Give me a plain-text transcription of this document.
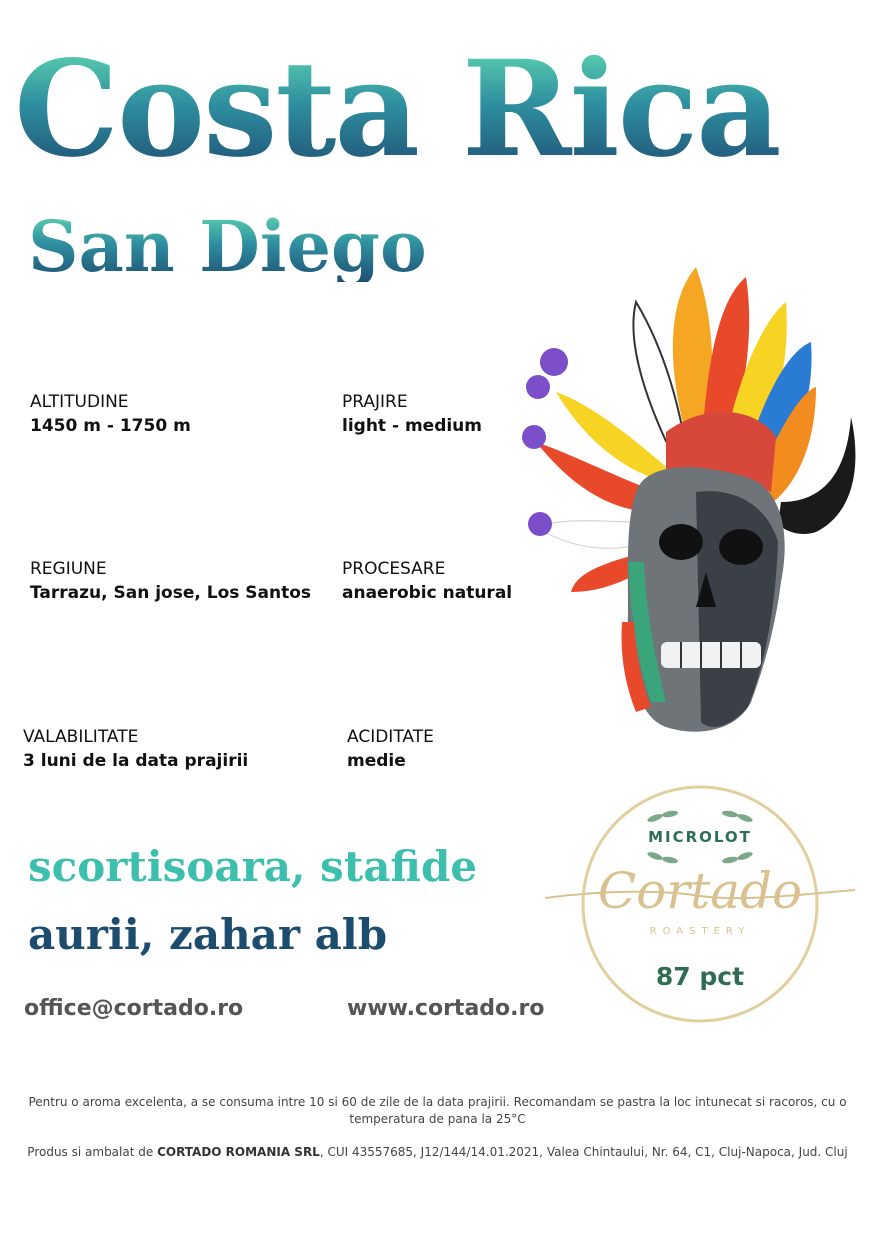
Costa Rica
San Diego
ALTITUDINE
1450 m - 1750 m
PRAJIRE
light - medium
REGIUNE
Tarrazu, San jose, Los Santos
PROCESARE
anaerobic natural
VALABILITATE
3 luni de la data prajirii
ACIDITATE
medie
scortisoara, stafide
aurii, zahar alb
office@cortado.ro	www.cortado.ro
MICROLOT
Cortado
ROASTERY
87 pct
Pentru o aroma excelenta, a se consuma intre 10 si 60 de zile de la data prajirii. Recomandam se pastra la loc intunecat si racoros, cu o temperatura de pana la 25°C
Produs si ambalat de CORTADO ROMANIA SRL, CUI 43557685, J12/144/14.01.2021, Valea Chintaului, Nr. 64, C1, Cluj-Napoca, Jud. Cluj
